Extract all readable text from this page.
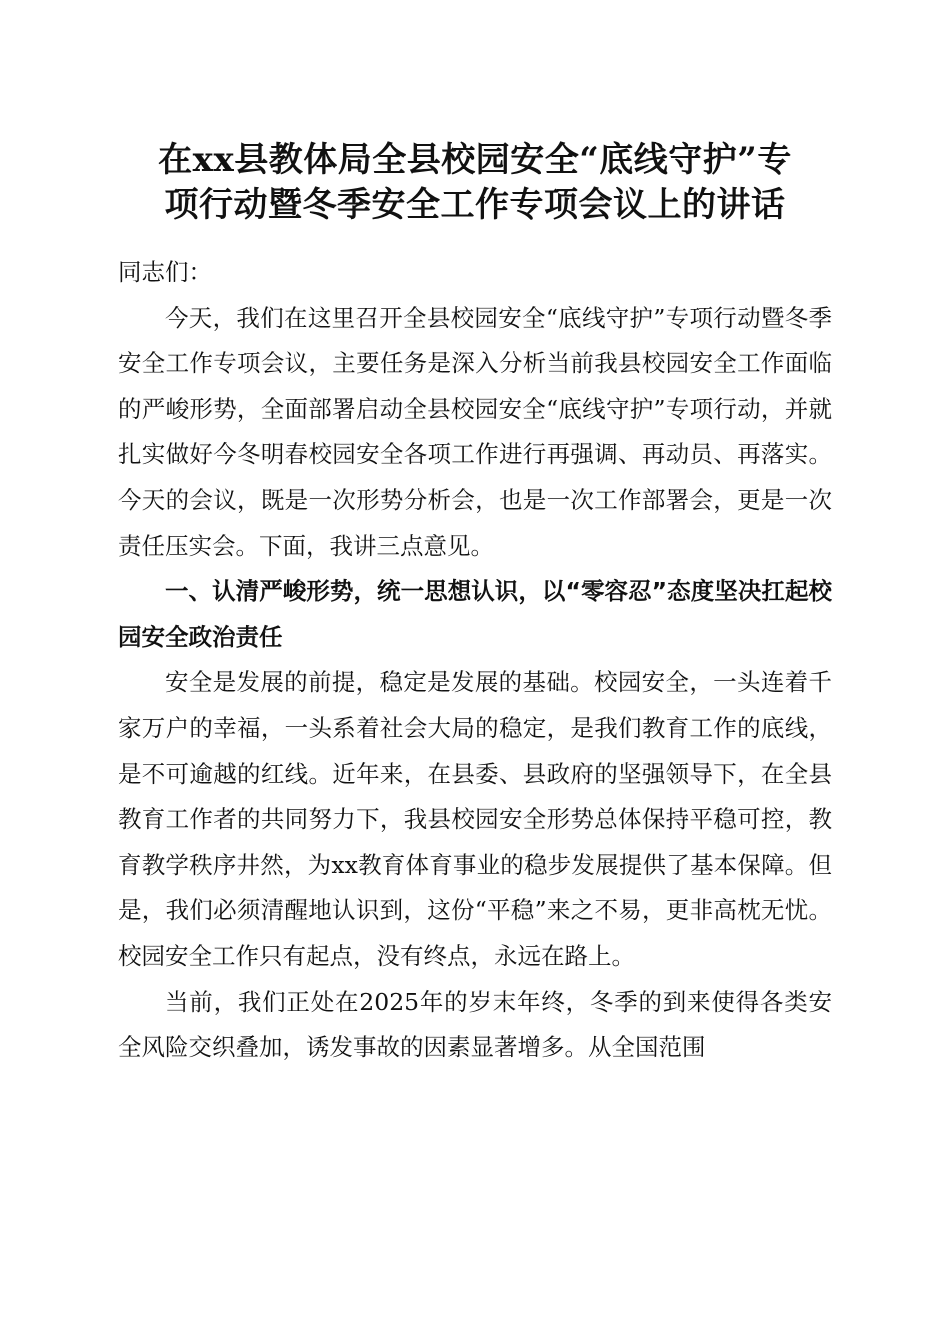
在xx县教体局全县校园安全“底线守护”专
项行动暨冬季安全工作专项会议上的讲话

同志们：

今天，我们在这里召开全县校园安全“底线守护”专项行动暨冬季安全工作专项会议，主要任务是深入分析当前我县校园安全工作面临的严峻形势，全面部署启动全县校园安全“底线守护”专项行动，并就扎实做好今冬明春校园安全各项工作进行再强调、再动员、再落实。今天的会议，既是一次形势分析会，也是一次工作部署会，更是一次责任压实会。下面，我讲三点意见。

一、认清严峻形势，统一思想认识，以“零容忍”态度坚决扛起校园安全政治责任

安全是发展的前提，稳定是发展的基础。校园安全，一头连着千家万户的幸福，一头系着社会大局的稳定，是我们教育工作的底线，是不可逾越的红线。近年来，在县委、县政府的坚强领导下，在全县教育工作者的共同努力下，我县校园安全形势总体保持平稳可控，教育教学秩序井然，为xx教育体育事业的稳步发展提供了基本保障。但是，我们必须清醒地认识到，这份“平稳”来之不易，更非高枕无忧。校园安全工作只有起点，没有终点，永远在路上。

当前，我们正处在2025年的岁末年终，冬季的到来使得各类安全风险交织叠加，诱发事故的因素显著增多。从全国范围
